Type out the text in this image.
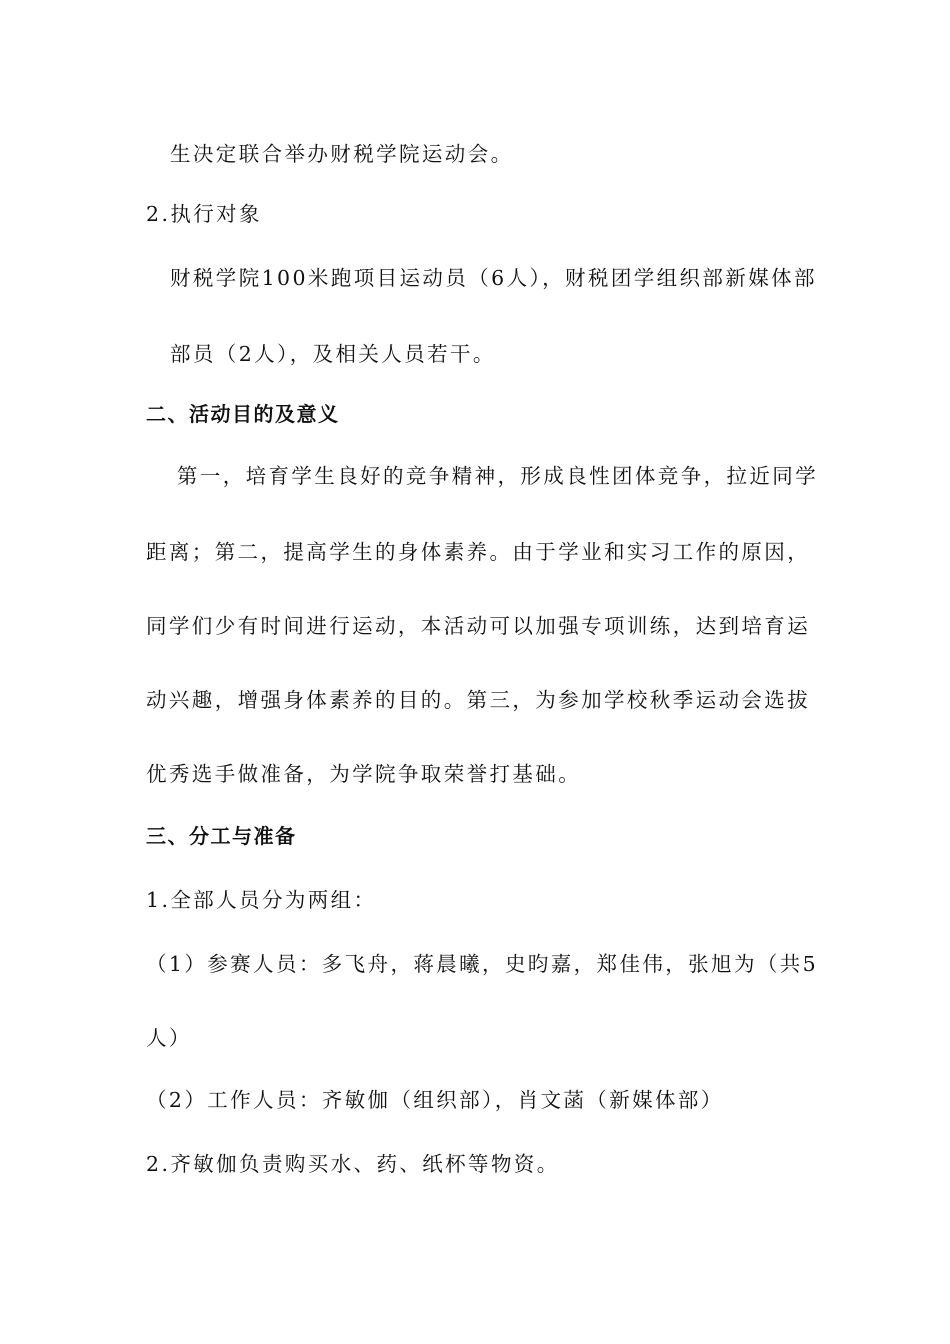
生决定联合举办财税学院运动会。
2.执行对象
财税学院100米跑项目运动员（6人），财税团学组织部新媒体部
部员（2人），及相关人员若干。
二、活动目的及意义
　第一，培育学生良好的竞争精神，形成良性团体竞争，拉近同学
距离；第二，提高学生的身体素养。由于学业和实习工作的原因，
同学们少有时间进行运动，本活动可以加强专项训练，达到培育运
动兴趣，增强身体素养的目的。第三，为参加学校秋季运动会选拔
优秀选手做准备，为学院争取荣誉打基础。
三、分工与准备
1.全部人员分为两组：
（1）参赛人员：多飞舟，蒋晨曦，史昀嘉，郑佳伟，张旭为（共5
人）
（2）工作人员：齐敏伽（组织部），肖文菡（新媒体部）
2.齐敏伽负责购买水、药、纸杯等物资。
